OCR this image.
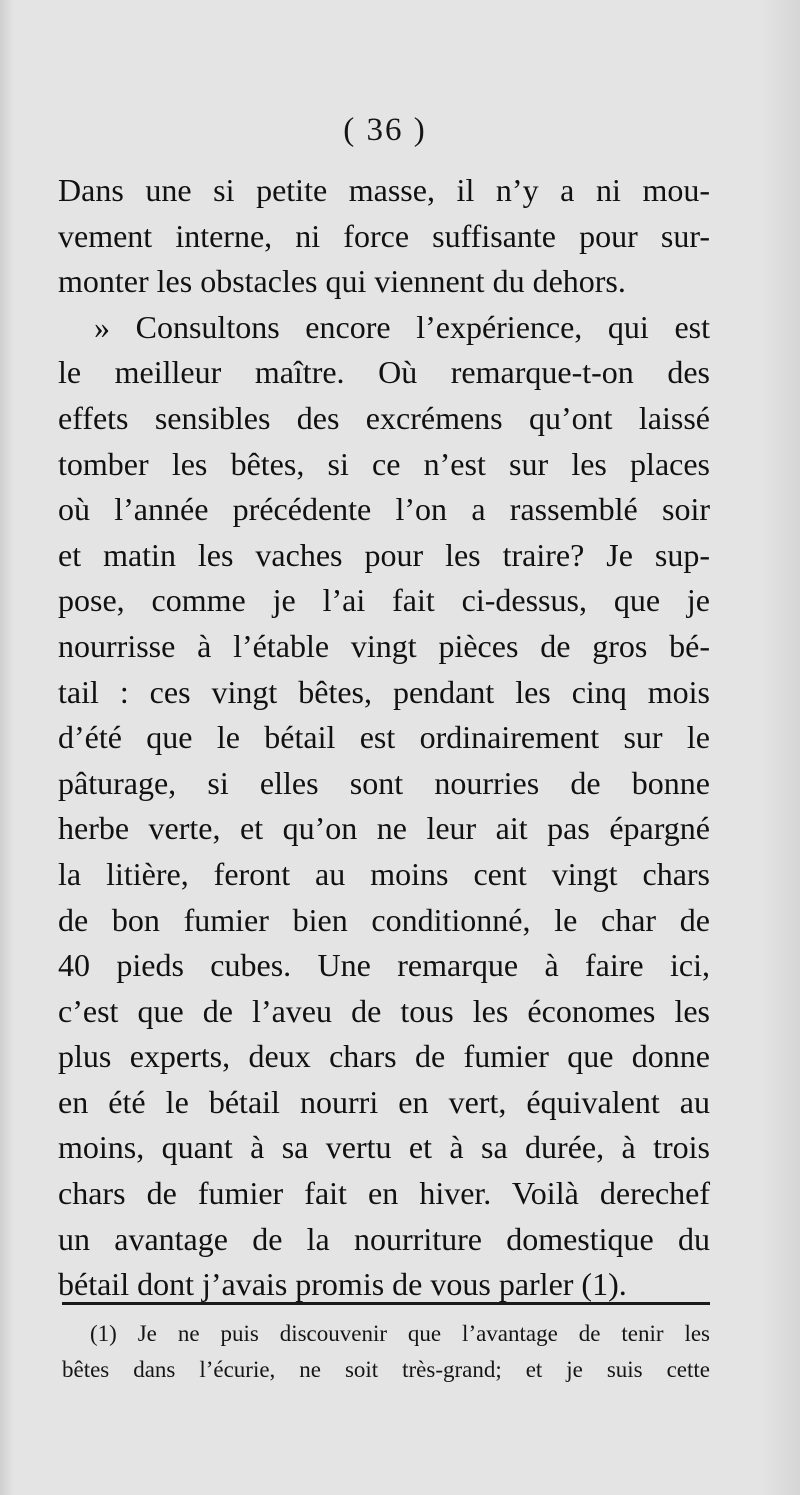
( 36 )
Dans une si petite masse, il n’y a ni mou-
vement interne, ni force suffisante pour sur-
monter les obstacles qui viennent du dehors.
» Consultons encore l’expérience, qui est
le meilleur maître. Où remarque-t-on des
effets sensibles des excrémens qu’ont laissé
tomber les bêtes, si ce n’est sur les places
où l’année précédente l’on a rassemblé soir
et matin les vaches pour les traire? Je sup-
pose, comme je l’ai fait ci-dessus, que je
nourrisse à l’étable vingt pièces de gros bé-
tail : ces vingt bêtes, pendant les cinq mois
d’été que le bétail est ordinairement sur le
pâturage, si elles sont nourries de bonne
herbe verte, et qu’on ne leur ait pas épargné
la litière, feront au moins cent vingt chars
de bon fumier bien conditionné, le char de
40 pieds cubes. Une remarque à faire ici,
c’est que de l’aveu de tous les économes les
plus experts, deux chars de fumier que donne
en été le bétail nourri en vert, équivalent au
moins, quant à sa vertu et à sa durée, à trois
chars de fumier fait en hiver. Voilà derechef
un avantage de la nourriture domestique du
bétail dont j’avais promis de vous parler (1).
(1) Je ne puis discouvenir que l’avantage de tenir les
bêtes dans l’écurie, ne soit très-grand; et je suis cette
